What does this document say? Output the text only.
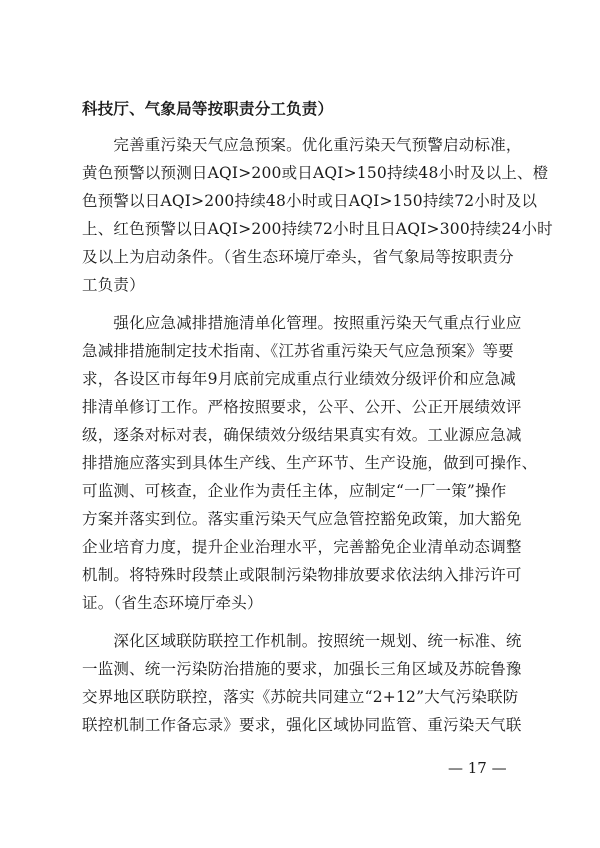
科技厅、气象局等按职责分工负责）
　　完善重污染天气应急预案。优化重污染天气预警启动标准，
黄色预警以预测日AQI>200或日AQI>150持续48小时及以上、橙
色预警以日AQI>200持续48小时或日AQI>150持续72小时及以
上、红色预警以日AQI>200持续72小时且日AQI>300持续24小时
及以上为启动条件。（省生态环境厅牵头，省气象局等按职责分
工负责）
　　强化应急减排措施清单化管理。按照重污染天气重点行业应
急减排措施制定技术指南、《江苏省重污染天气应急预案》等要
求，各设区市每年9月底前完成重点行业绩效分级评价和应急减
排清单修订工作。严格按照要求，公平、公开、公正开展绩效评
级，逐条对标对表，确保绩效分级结果真实有效。工业源应急减
排措施应落实到具体生产线、生产环节、生产设施，做到可操作、
可监测、可核查，企业作为责任主体，应制定“一厂一策”操作
方案并落实到位。落实重污染天气应急管控豁免政策，加大豁免
企业培育力度，提升企业治理水平，完善豁免企业清单动态调整
机制。将特殊时段禁止或限制污染物排放要求依法纳入排污许可
证。（省生态环境厅牵头）
　　深化区域联防联控工作机制。按照统一规划、统一标准、统
一监测、统一污染防治措施的要求，加强长三角区域及苏皖鲁豫
交界地区联防联控，落实《苏皖共同建立“2+12”大气污染联防
联控机制工作备忘录》要求，强化区域协同监管、重污染天气联
— 17 —
